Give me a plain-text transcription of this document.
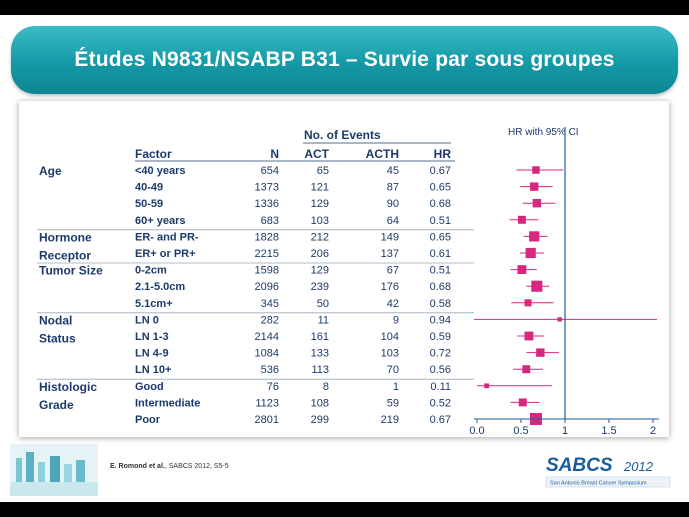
Études N9831/NSABP B31 – Survie par sous groupes
No. of Events	HR with 95% CI
Factor	N ACT	ACTH	HR
Age	<40 years	654	65	45	0.67
40-49	1373	121	87	0.65
50-59	1336	129	90	0.68
60+ years	683	103	64	0.51
Hormone
Receptor
ER- and PR-	1828	212	149	0.65
ER+ or PR+	2215	206	137	0.61
Tumor Size	0-2cm	1598	129	67	0.51
2.1-5.0cm	2096	239	176	0.68
5.1cm+	345	50	42	0.58
Nodal
Status
LN 0	282	11	9	0.94
LN 1-3	2144	161	104	0.59
LN 4-9	1084	133	103	0.72
LN 10+	536	113	70	0.56
Histologic
Grade
Good	76	8	1	0.11
Intermediate	1123	108	59	0.52
Poor	2801	299	219	0.67
0.0	0.5	1	1.5	2
E. Romond et al., SABCS 2012, S5-5	SABCS 2012
San Antonio Breast Cancer Symposium
